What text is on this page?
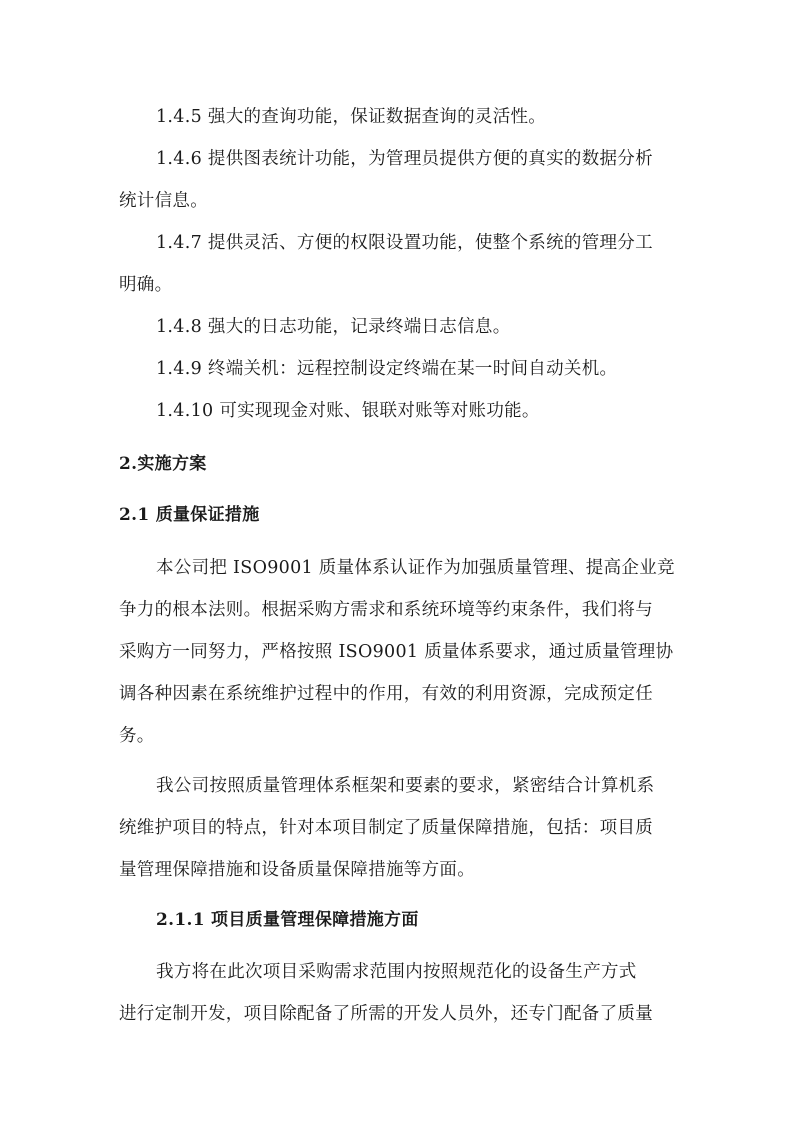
1.4.5 强大的查询功能，保证数据查询的灵活性。
1.4.6 提供图表统计功能，为管理员提供方便的真实的数据分析
统计信息。
1.4.7 提供灵活、方便的权限设置功能，使整个系统的管理分工
明确。
1.4.8 强大的日志功能，记录终端日志信息。
1.4.9 终端关机：远程控制设定终端在某一时间自动关机。
1.4.10 可实现现金对账、银联对账等对账功能。
2.实施方案
2.1 质量保证措施
本公司把 ISO9001 质量体系认证作为加强质量管理、提高企业竞
争力的根本法则。根据采购方需求和系统环境等约束条件，我们将与
采购方一同努力，严格按照 ISO9001 质量体系要求，通过质量管理协
调各种因素在系统维护过程中的作用，有效的利用资源，完成预定任
务。
我公司按照质量管理体系框架和要素的要求，紧密结合计算机系
统维护项目的特点，针对本项目制定了质量保障措施，包括：项目质
量管理保障措施和设备质量保障措施等方面。
2.1.1 项目质量管理保障措施方面
我方将在此次项目采购需求范围内按照规范化的设备生产方式
进行定制开发，项目除配备了所需的开发人员外，还专门配备了质量
